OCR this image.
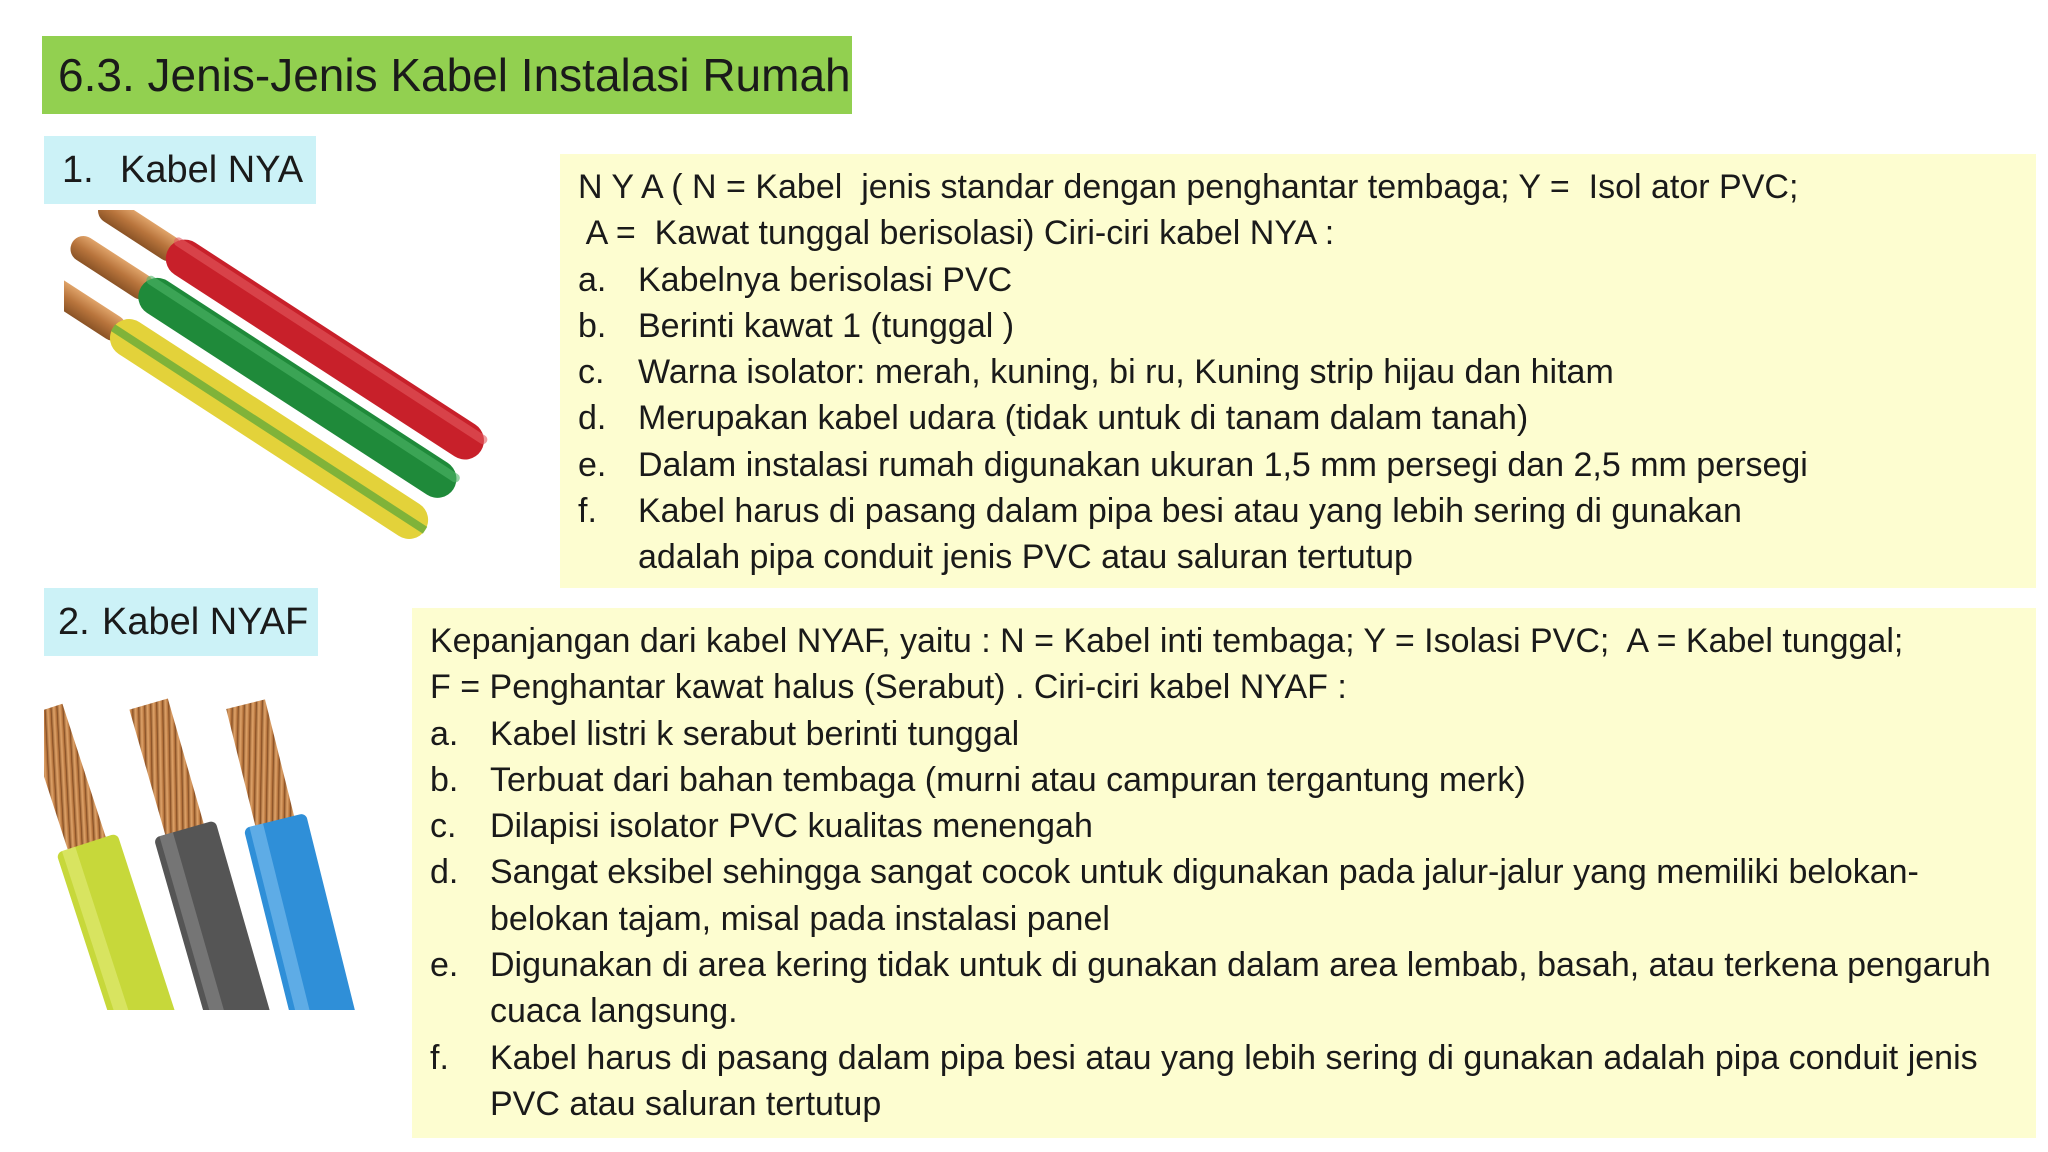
6.3. Jenis-Jenis Kabel Instalasi Rumah
1. Kabel NYA	N Y A ( N = Kabel  jenis standar dengan penghantar tembaga; Y =  Isol ator PVC;
A =  Kawat tunggal berisolasi) Ciri-ciri kabel NYA :
a. Kabelnya berisolasi PVC
b. Berinti kawat 1 (tunggal )
c. Warna isolator: merah, kuning, bi ru, Kuning strip hijau dan hitam
d. Merupakan kabel udara (tidak untuk di tanam dalam tanah)
e. Dalam instalasi rumah digunakan ukuran 1,5 mm persegi dan 2,5 mm persegi
f.	Kabel harus di pasang dalam pipa besi atau yang lebih sering di gunakan adalah pipa conduit jenis PVC atau saluran tertutup
2. Kabel NYAF	Kepanjangan dari kabel NYAF, yaitu : N = Kabel inti tembaga; Y = Isolasi PVC;  A = Kabel tunggal;
F = Penghantar kawat halus (Serabut) . Ciri-ciri kabel NYAF :
a. Kabel listri k serabut berinti tunggal
b. Terbuat dari bahan tembaga (murni atau campuran tergantung merk)
c. Dilapisi isolator PVC kualitas menengah
d. Sangat eksibel sehingga sangat cocok untuk digunakan pada jalur-jalur yang memiliki belokan-belokan tajam, misal pada instalasi panel
e. Digunakan di area kering tidak untuk di gunakan dalam area lembab, basah, atau terkena pengaruh cuaca langsung.
f.	Kabel harus di pasang dalam pipa besi atau yang lebih sering di gunakan adalah pipa conduit jenis PVC atau saluran tertutup
